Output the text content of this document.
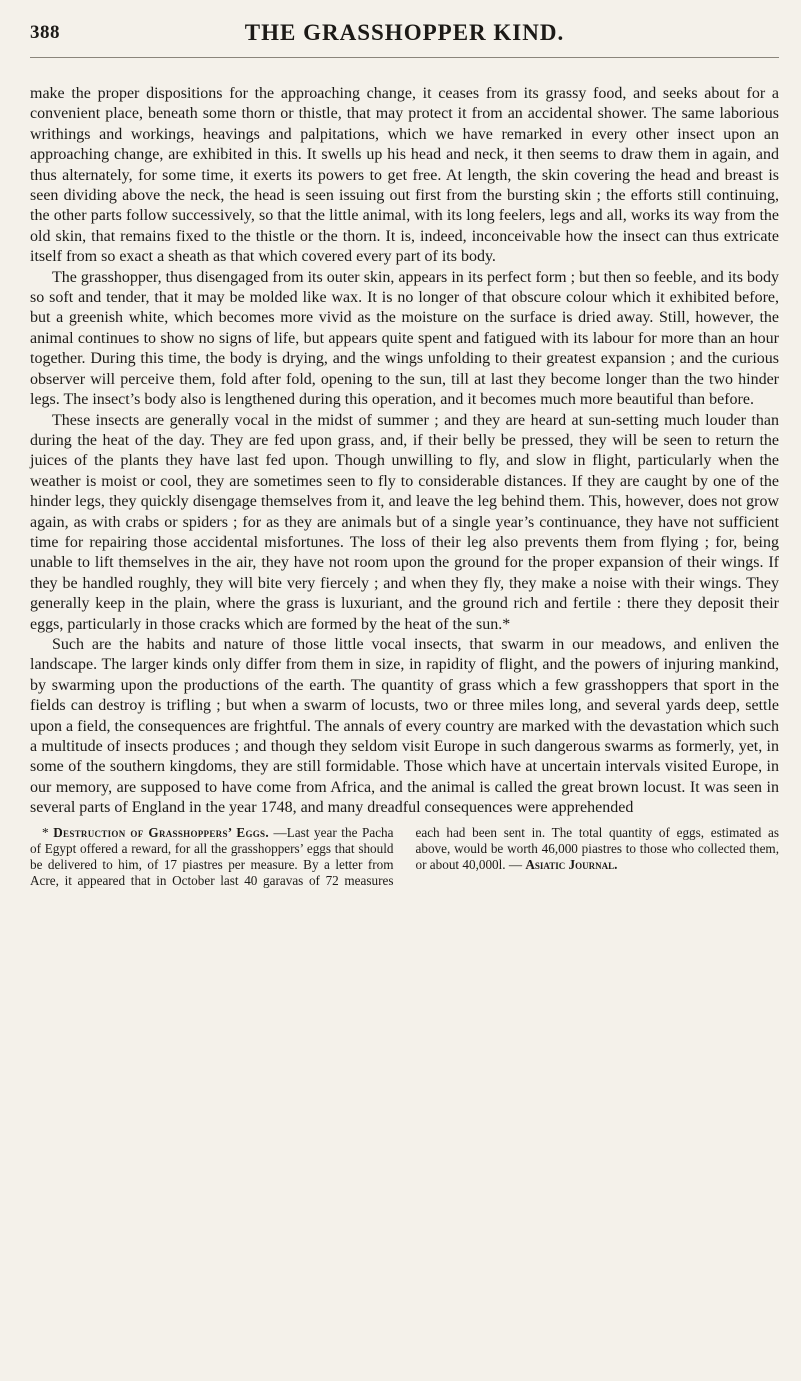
388	THE GRASSHOPPER KIND.

make the proper dispositions for the approaching change, it ceases from its grassy food, and seeks about for a convenient place, beneath some thorn or thistle, that may protect it from an accidental shower. The same laborious writhings and workings, heavings and palpitations, which we have remarked in every other insect upon an approaching change, are exhibited in this. It swells up his head and neck, it then seems to draw them in again, and thus alternately, for some time, it exerts its powers to get free. At length, the skin covering the head and breast is seen dividing above the neck, the head is seen issuing out first from the bursting skin ; the efforts still continuing, the other parts follow successively, so that the little animal, with its long feelers, legs and all, works its way from the old skin, that remains fixed to the thistle or the thorn. It is, indeed, inconceivable how the insect can thus extricate itself from so exact a sheath as that which covered every part of its body.

The grasshopper, thus disengaged from its outer skin, appears in its perfect form ; but then so feeble, and its body so soft and tender, that it may be molded like wax. It is no longer of that obscure colour which it exhibited before, but a greenish white, which becomes more vivid as the moisture on the surface is dried away. Still, however, the animal continues to show no signs of life, but appears quite spent and fatigued with its labour for more than an hour together. During this time, the body is drying, and the wings unfolding to their greatest expansion ; and the curious observer will perceive them, fold after fold, opening to the sun, till at last they become longer than the two hinder legs. The insect’s body also is lengthened during this operation, and it becomes much more beautiful than before.

These insects are generally vocal in the midst of summer ; and they are heard at sun-setting much louder than during the heat of the day. They are fed upon grass, and, if their belly be pressed, they will be seen to return the juices of the plants they have last fed upon. Though unwilling to fly, and slow in flight, particularly when the weather is moist or cool, they are sometimes seen to fly to considerable distances. If they are caught by one of the hinder legs, they quickly disengage themselves from it, and leave the leg behind them. This, however, does not grow again, as with crabs or spiders ; for as they are animals but of a single year’s continuance, they have not sufficient time for repairing those accidental misfortunes. The loss of their leg also prevents them from flying ; for, being unable to lift themselves in the air, they have not room upon the ground for the proper expansion of their wings. If they be handled roughly, they will bite very fiercely ; and when they fly, they make a noise with their wings. They generally keep in the plain, where the grass is luxuriant, and the ground rich and fertile : there they deposit their eggs, particularly in those cracks which are formed by the heat of the sun.*

Such are the habits and nature of those little vocal insects, that swarm in our meadows, and enliven the landscape. The larger kinds only differ from them in size, in rapidity of flight, and the powers of injuring mankind, by swarming upon the productions of the earth. The quantity of grass which a few grasshoppers that sport in the fields can destroy is trifling ; but when a swarm of locusts, two or three miles long, and several yards deep, settle upon a field, the consequences are frightful. The annals of every country are marked with the devastation which such a multitude of insects produces ; and though they seldom visit Europe in such dangerous swarms as formerly, yet, in some of the southern kingdoms, they are still formidable. Those which have at uncertain intervals visited Europe, in our memory, are supposed to have come from Africa, and the animal is called the great brown locust. It was seen in several parts of England in the year 1748, and many dreadful consequences were apprehended

* Destruction of Grasshoppers’ Eggs. —Last year the Pacha of Egypt offered a reward, for all the grasshoppers’ eggs that should be delivered to him, of 17 piastres per measure. By a letter from Acre, it appeared that in October last 40 garavas of 72 measures each had been sent in. The total quantity of eggs, estimated as above, would be worth 46,000 piastres to those who collected them, or about 40,000l. — Asiatic Journal.
